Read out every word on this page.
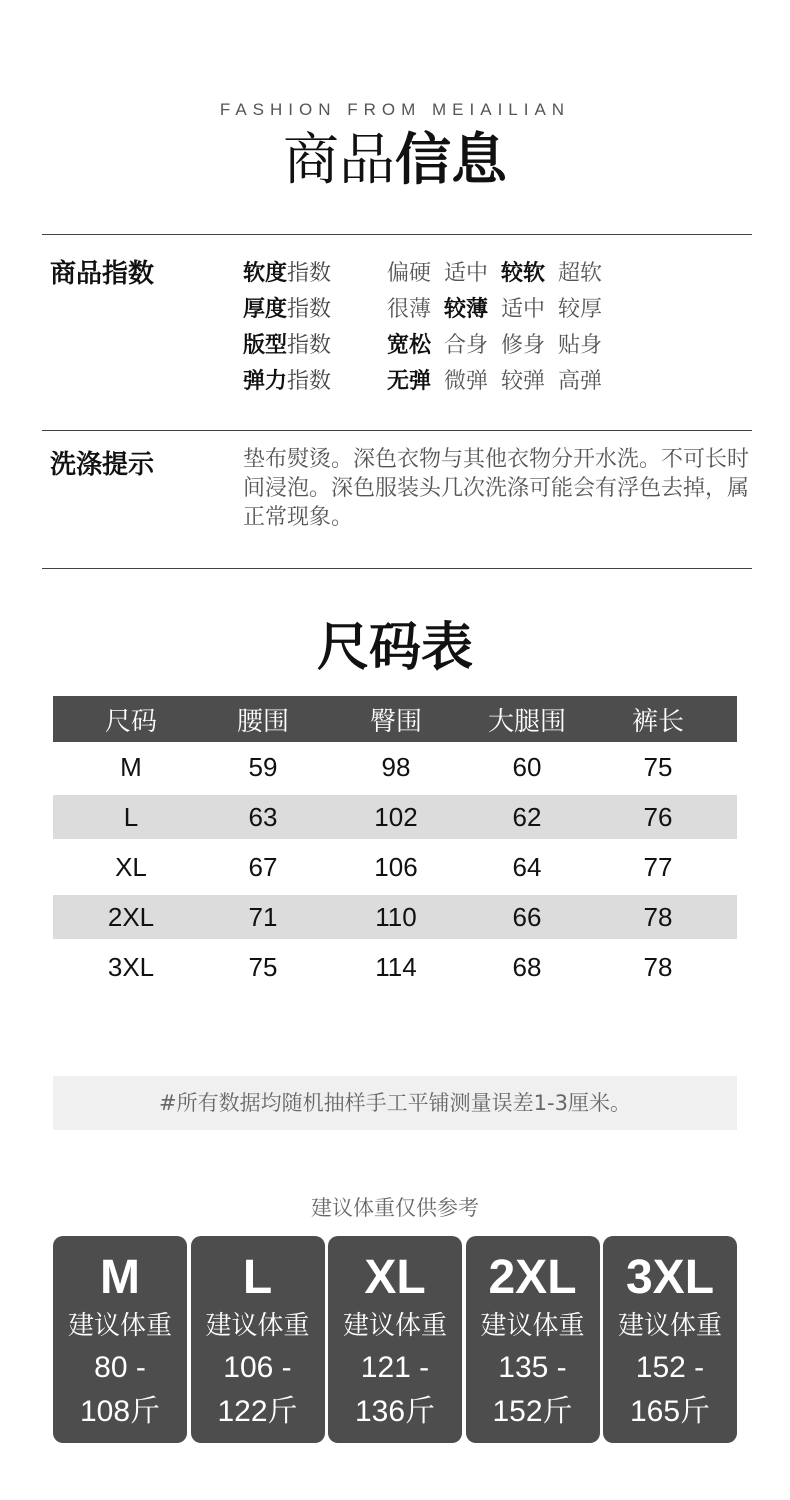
FASHION FROM MEIAILIAN
商品信息
商品指数	软度指数	偏硬 适中 较软 超软
厚度指数	很薄 较薄 适中 较厚
版型指数	宽松 合身 修身 贴身
弹力指数	无弹 微弹 较弹 高弹
洗涤提示	垫布熨烫。深色衣物与其他衣物分开水洗。不可长时间浸泡。深色服装头几次洗涤可能会有浮色去掉，属正常现象。
尺码表
尺码	腰围	臀围	大腿围	裤长
M	59	98	60	75
L	63	102	62	76
XL	67	106	64	77
2XL	71	110	66	78
3XL	75	114	68	78
#所有数据均随机抽样手工平铺测量误差1-3厘米。
建议体重仅供参考
M
建议体重
80 -
108斤
L
建议体重
106 -
122斤
XL
建议体重
121 -
136斤
2XL
建议体重
135 -
152斤
3XL
建议体重
152 -
165斤
